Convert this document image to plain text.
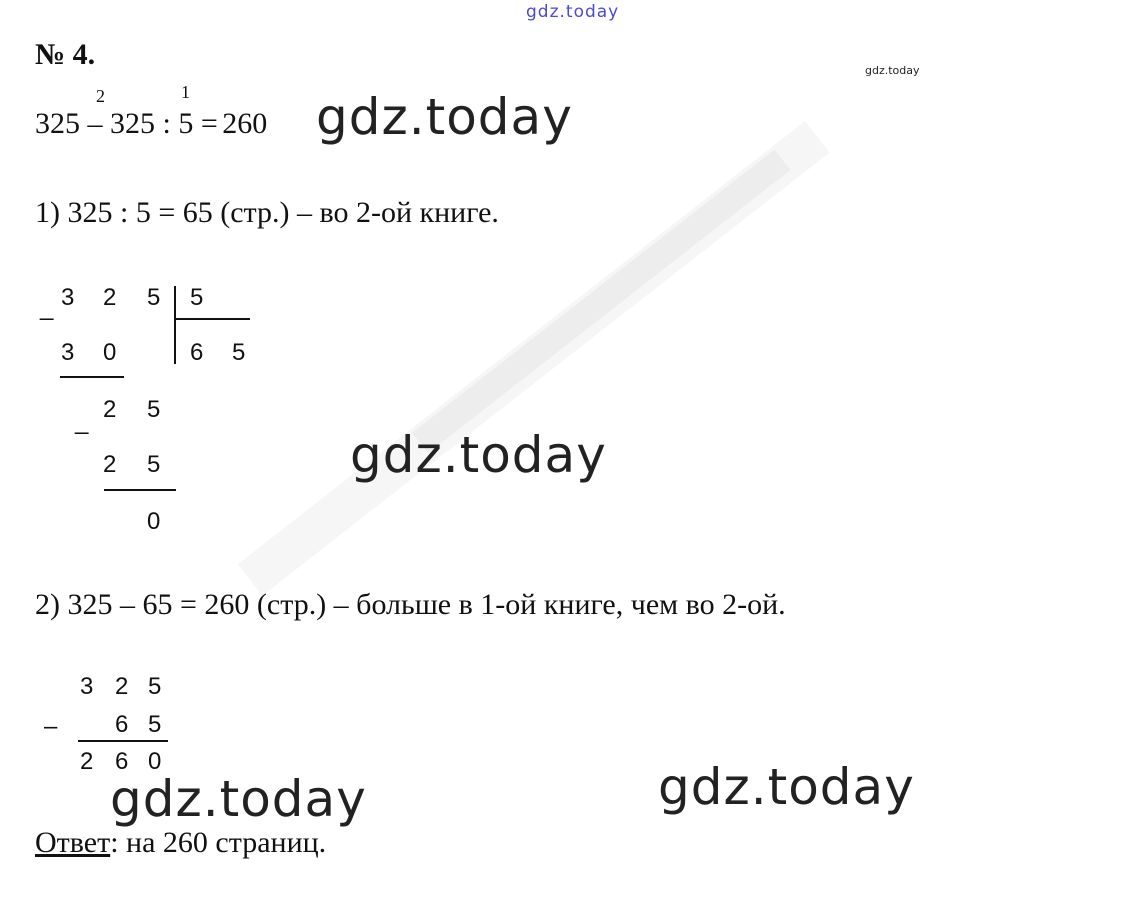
gdz.today
gdz.today
№ 4.
2	1
325 – 325 : 5 = 260 gdz.today
1) 325 : 5 = 65 (стр.) – во 2-ой книге.
_ 3 2 5 5
6 5
3 0
_ 2 5
2 5
0
gdz.today
2) 325 – 65 = 260 (стр.) – больше в 1-ой книге, чем во 2-ой.
3 2 5
– 6 5
2 6 0
gdz.today	gdz.today
Ответ: на 260 страниц.
